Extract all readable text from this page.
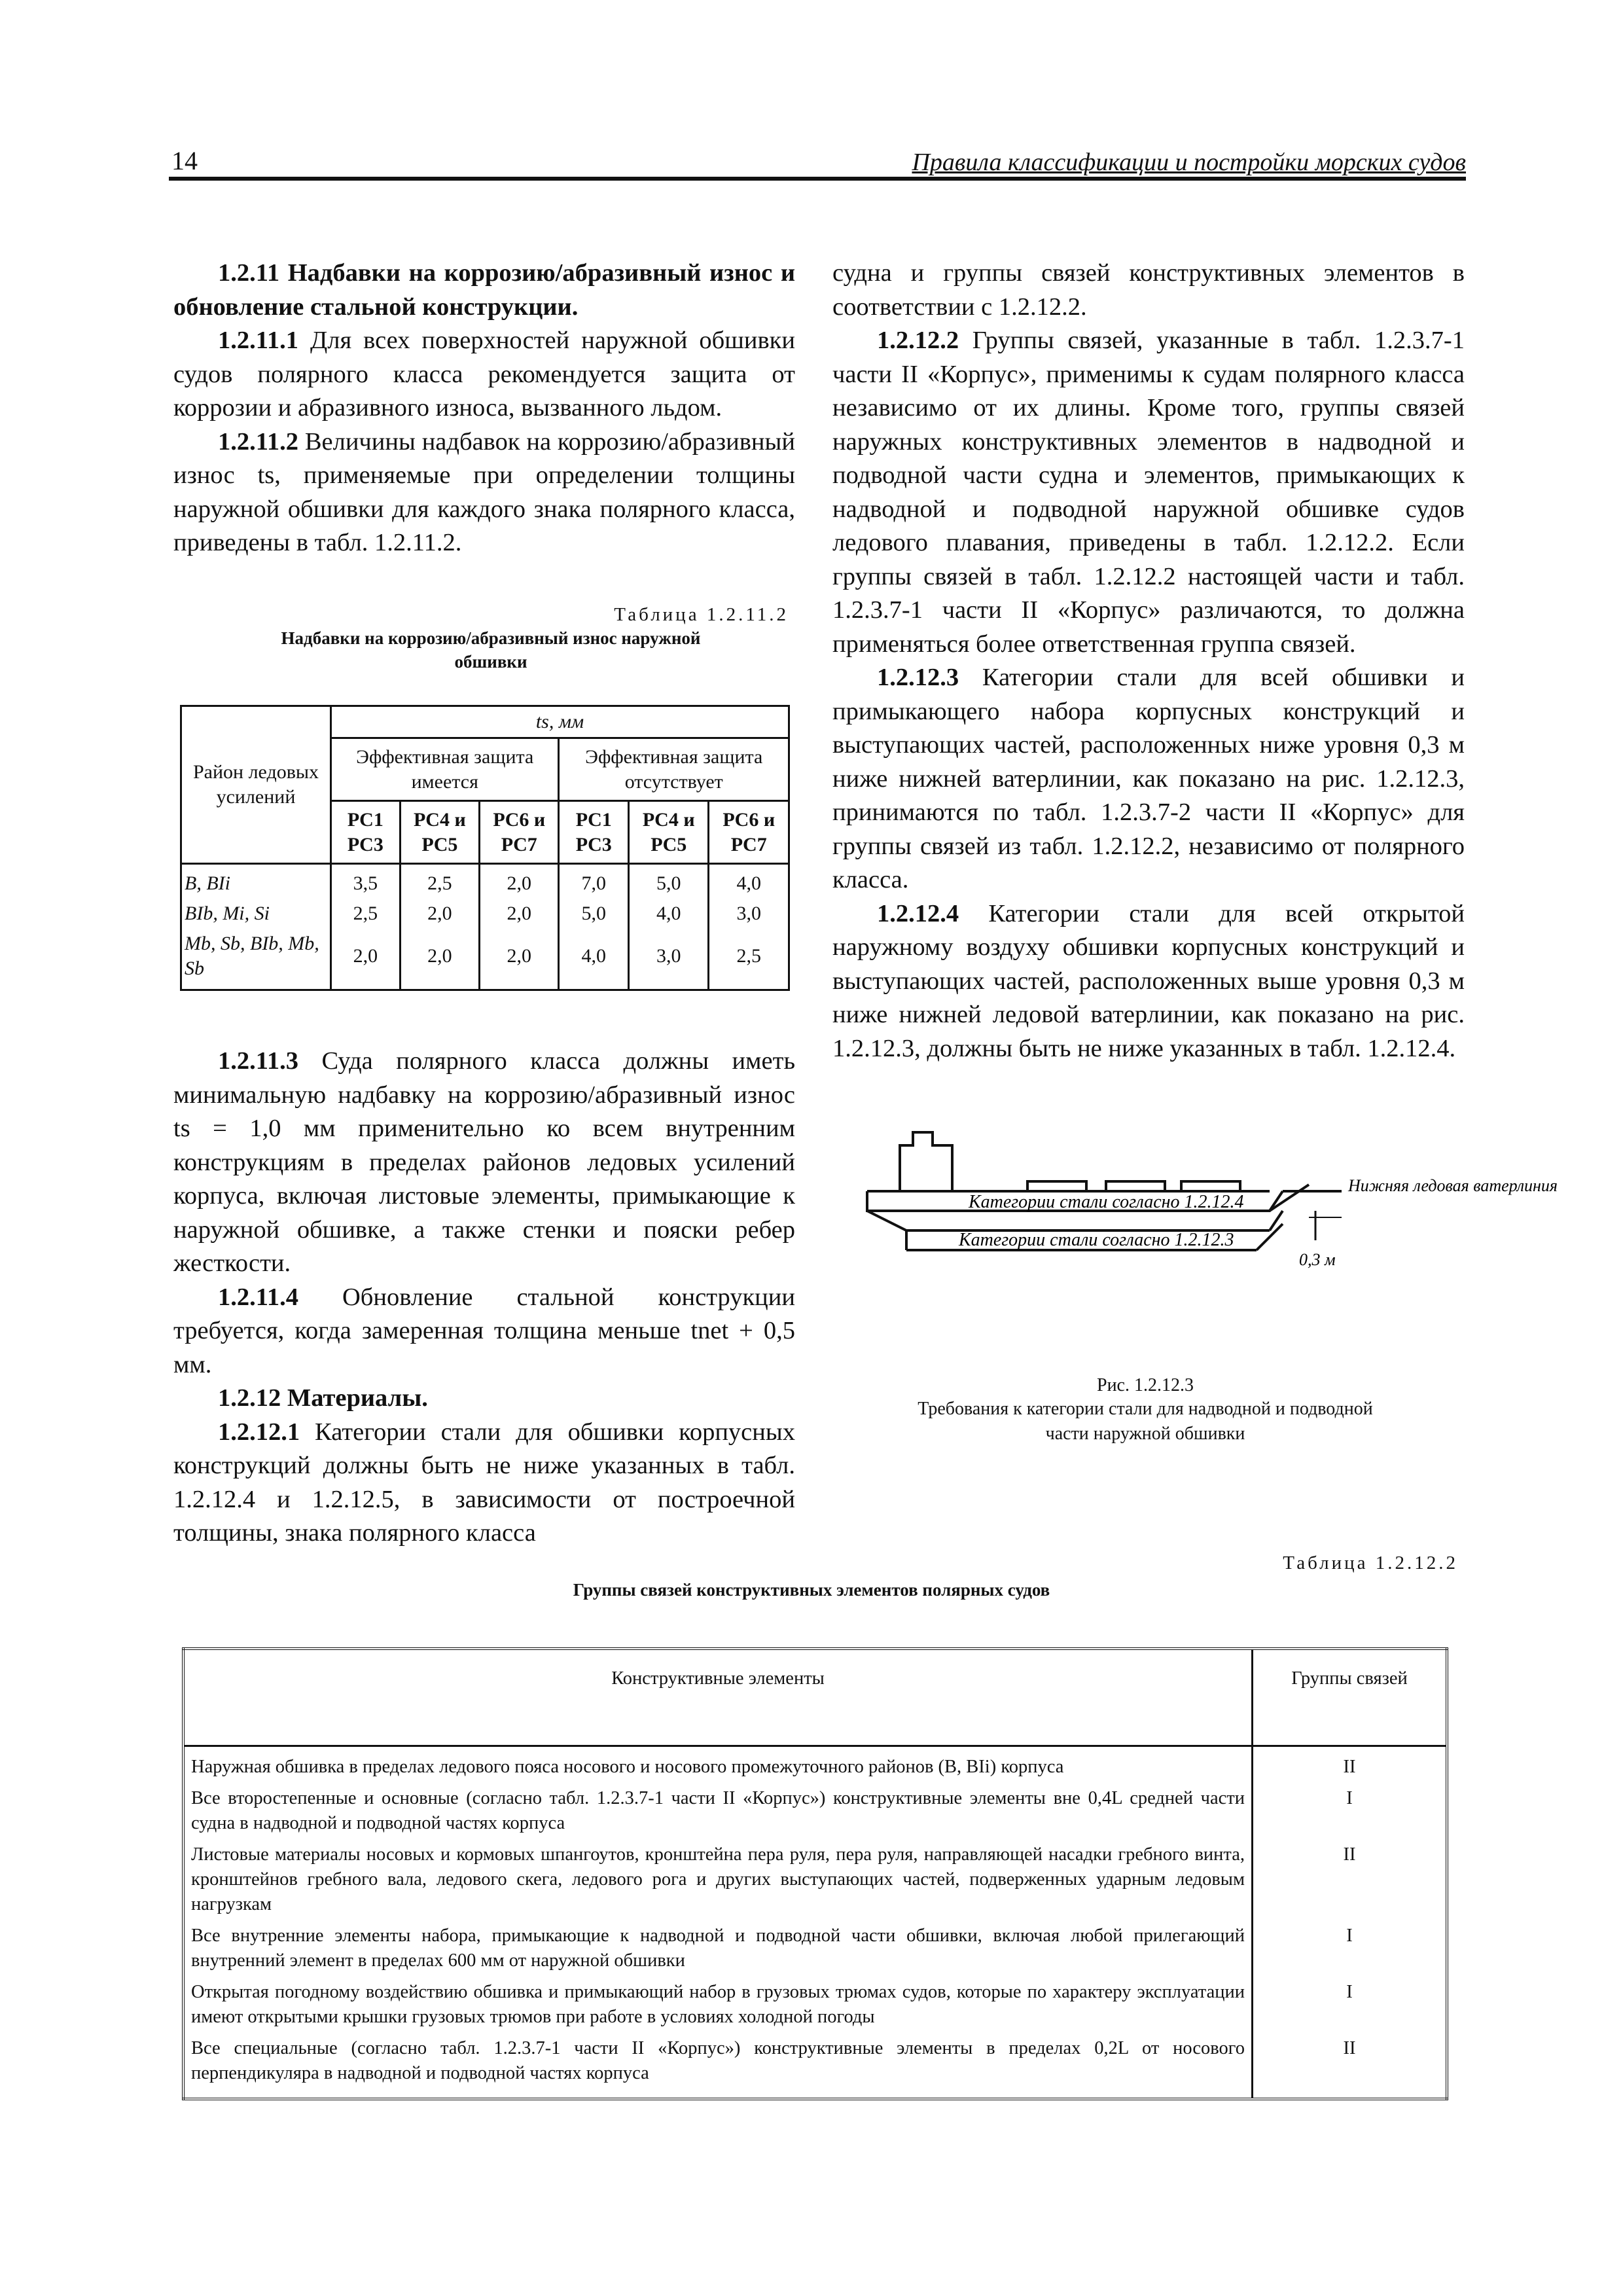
14	Правила классификации и постройки морских судов

1.2.11 Надбавки на коррозию/абразивный износ и обновление стальной конструкции.

1.2.11.1 Для всех поверхностей наружной обшивки судов полярного класса рекомендуется защита от коррозии и абразивного износа, вызванного льдом.

1.2.11.2 Величины надбавок на коррозию/абразивный износ ts, применяемые при определении толщины наружной обшивки для каждого знака полярного класса, приведены в табл. 1.2.11.2.

Таблица 1.2.11.2
Надбавки на коррозию/абразивный износ наружной обшивки
Район ледовых усилений	ts, мм					
	Эффективная защита имеется			Эффективная защита отсутствует		
	PC1 PC3	PC4 и PC5	PC6 и PC7	PC1 PC3	PC4 и PC5	PC6 и PC7
B, BIi	3,5	2,5	2,0	7,0	5,0	4,0
BIb, Mi, Si	2,5	2,0	2,0	5,0	4,0	3,0
Mb, Sb, BIb, Mb, Sb	2,0	2,0	2,0	4,0	3,0	2,5

1.2.11.3 Суда полярного класса должны иметь минимальную надбавку на коррозию/абразивный износ ts = 1,0 мм применительно ко всем внутренним конструкциям в пределах районов ледовых усилений корпуса, включая листовые элементы, примыкающие к наружной обшивке, а также стенки и пояски ребер жесткости.

1.2.11.4 Обновление стальной конструкции требуется, когда замеренная толщина меньше tnet + 0,5 мм.

1.2.12 Материалы.

1.2.12.1 Категории стали для обшивки корпусных конструкций должны быть не ниже указанных в табл. 1.2.12.4 и 1.2.12.5, в зависимости от построечной толщины, знака полярного класса

судна и группы связей конструктивных элементов в соответствии с 1.2.12.2.

1.2.12.2 Группы связей, указанные в табл. 1.2.3.7-1 части II «Корпус», применимы к судам полярного класса независимо от их длины. Кроме того, группы связей наружных конструктивных элементов в надводной и подводной части судна и элементов, примыкающих к надводной и подводной наружной обшивке судов ледового плавания, приведены в табл. 1.2.12.2. Если группы связей в табл. 1.2.12.2 настоящей части и табл. 1.2.3.7-1 части II «Корпус» различаются, то должна применяться более ответственная группа связей.

1.2.12.3 Категории стали для всей обшивки и примыкающего набора корпусных конструкций и выступающих частей, расположенных ниже уровня 0,3 м ниже нижней ватерлинии, как показано на рис. 1.2.12.3, принимаются по табл. 1.2.3.7-2 части II «Корпус» для группы связей из табл. 1.2.12.2, независимо от полярного класса.

1.2.12.4 Категории стали для всей открытой наружному воздуху обшивки корпусных конструкций и выступающих частей, расположенных выше уровня 0,3 м ниже нижней ледовой ватерлинии, как показано на рис. 1.2.12.3, должны быть не ниже указанных в табл. 1.2.12.4.

Категории стали согласно 1.2.12.4
Категории стали согласно 1.2.12.3
Нижняя ледовая ватерлиния
0,3 м
Рис. 1.2.12.3
Требования к категории стали для надводной и подводной части наружной обшивки
Таблица 1.2.12.2
Группы связей конструктивных элементов полярных судов
Конструктивные элементы	Группы связей
Наружная обшивка в пределах ледового пояса носового и носового промежуточного районов (B, BIi) корпуса	II
Все второстепенные и основные (согласно табл. 1.2.3.7-1 части II «Корпус») конструктивные элементы вне 0,4L средней части судна в надводной и подводной частях корпуса	I
Листовые материалы носовых и кормовых шпангоутов, кронштейна пера руля, пера руля, направляющей насадки гребного винта, кронштейнов гребного вала, ледового скега, ледового рога и других выступающих частей, подверженных ударным ледовым нагрузкам	II
Все внутренние элементы набора, примыкающие к надводной и подводной части обшивки, включая любой прилегающий внутренний элемент в пределах 600 мм от наружной обшивки	I
Открытая погодному воздействию обшивка и примыкающий набор в грузовых трюмах судов, которые по характеру эксплуатации имеют открытыми крышки грузовых трюмов при работе в условиях холодной погоды	I
Все специальные (согласно табл. 1.2.3.7-1 части II «Корпус») конструктивные элементы в пределах 0,2L от носового перпендикуляра в надводной и подводной частях корпуса	II
